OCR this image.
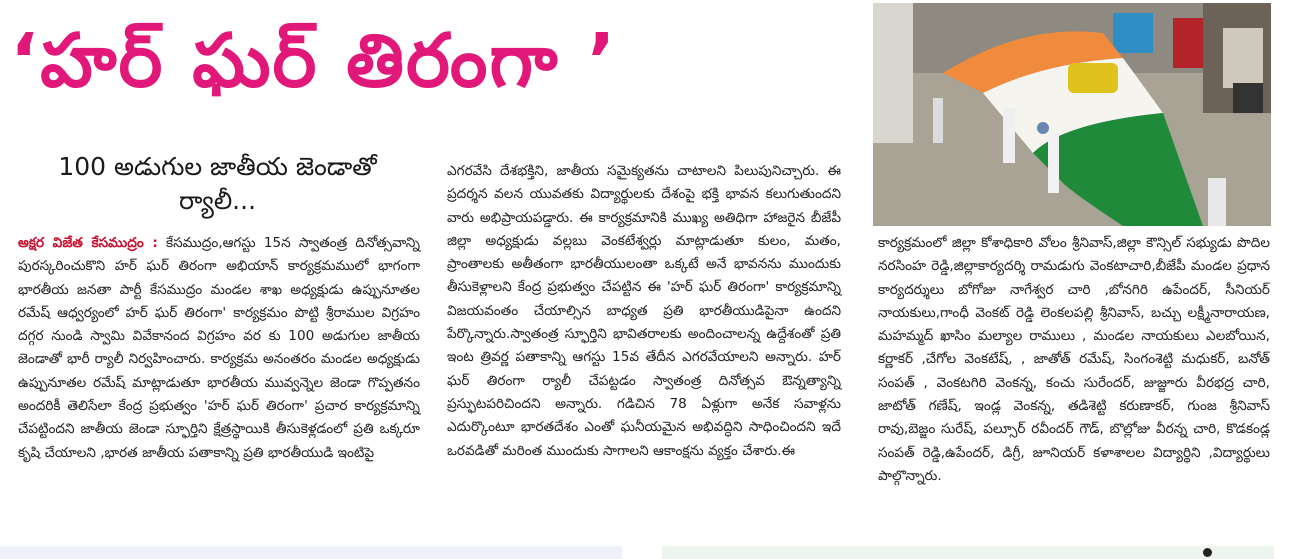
‘హర్ ఘర్ తిరంగా ’
100 అడుగుల జాతీయ జెండాతో ర్యాలీ...
అక్షర విజేత కేసముద్రం : కేసముద్రం,ఆగస్టు 15న స్వాతంత్ర దినోత్సవాన్ని పురస్కరించుకొని హర్ ఘర్ తిరంగా అభియాన్ కార్యక్రమములో భాగంగా భారతీయ జనతా పార్టీ కేసముద్రం మండల శాఖ అధ్యక్షుడు ఉప్పునూతల రమేష్ ఆధ్వర్యంలో హర్ ఘర్ తిరంగా' కార్యక్రమం పొట్టి శ్రీరాముల విగ్రహం దగ్గర నుండి స్వామి వివేకానంద విగ్రహం వర కు 100 అడుగుల జాతీయ జెండాతో భారీ ర్యాలీ నిర్వహించారు. కార్యక్రమ అనంతరం మండల అధ్యక్షుడు ఉప్పునూతల రమేష్ మాట్లాడుతూ భారతీయ మువ్వన్నెల జెండా గొప్పతనం అందరికీ తెలిసేలా కేంద్ర ప్రభుత్వం 'హర్ ఘర్ తిరంగా' ప్రచార కార్యక్రమాన్ని చేపట్టిందని జాతీయ జెండా స్ఫూర్తిని క్షేత్రస్థాయికి తీసుకెళ్లడంలో ప్రతి ఒక్కరూ కృషి చేయాలని ,భారత జాతీయ పతాకాన్ని ప్రతి భారతీయుడి ఇంటిపై
ఎగరవేసి దేశభక్తిని, జాతీయ సమైక్యతను చాటాలని పిలుపునిచ్చారు. ఈ ప్రదర్శన వలన యువతకు విద్యార్థులకు దేశంపై భక్తి భావన కలుగుతుందని వారు అభిప్రాయపడ్డారు. ఈ కార్యక్రమానికి ముఖ్య అతిధిగా హాజరైన బీజేపీ జిల్లా అధ్యక్షుడు వల్లబు వెంకటేశ్వర్లు మాట్లాడుతూ కులం, మతం, ప్రాంతాలకు అతీతంగా భారతీయులంతా ఒక్కటే అనే భావనను ముందుకు తీసుకెళ్లాలని కేంద్ర ప్రభుత్వం చేపట్టిన ఈ 'హర్ ఘర్ తిరంగా' కార్యక్రమాన్ని విజయవంతం చేయాల్సిన బాధ్యత ప్రతి భారతీయుడిపైనా ఉందని పేర్కొన్నారు.స్వాతంత్ర స్ఫూర్తిని భావితరాలకు అందించాలన్న ఉద్దేశంతో ప్రతి ఇంట త్రివర్ణ పతాకాన్ని ఆగస్టు 15వ తేదీన ఎగరవేయాలని అన్నారు. హర్ ఘర్ తిరంగా ర్యాలీ చేపట్టడం స్వాతంత్ర దినోత్సవ ఔన్నత్యాన్ని ప్రస్ఫుటపరిచిందని అన్నారు. గడిచిన 78 ఏళ్లుగా అనేక సవాళ్లను ఎదుర్కొంటూ భారతదేశం ఎంతో ఘనీయమైన అభివద్ధిని సాధించిందని ఇదే ఒరవడితో మరింత ముందుకు సాగాలని ఆకాంక్షను వ్యక్తం చేశారు.ఈ
కార్యక్రమంలో జిల్లా కోశాధికారి వోలం శ్రీనివాస్,జిల్లా కౌన్సిల్ సభ్యుడు పొదిల నరసింహ రెడ్డి,జిల్లాకార్యదర్శి రామడుగు వెంకటాచారి,బీజేపీ మండల ప్రధాన కార్యదర్శులు బోగోజు నాగేశ్వర చారి ,బోనగిరి ఉపేందర్, సీనియర్ నాయకులు,గాంధీ వెంకట్ రెడ్డి లెంకలపల్లి శ్రీనివాస్, బచ్చు లక్ష్మీనారాయణ, మహమ్మద్ ఖాసిం మల్యాల రాములు , మండల నాయకులు ఎలబోయిన, కర్ణాకర్ ,చేగోల వెంకటేష్, , జాతోత్ రమేష్, సింగంశెట్టి మధుకర్, బనోత్ సంపత్ , వెంకటగిరి వెంకన్న, కంచు సురేందర్, జుజ్జూరు వీరభద్ర చారి, జాటోత్ గణేష్, ఇండ్ల వెంకన్న, తడిశెట్టి కరుణాకర్, గుంజ శ్రీనివాస్ రావు,బెజ్జం సురేష్, పల్సూర్ రవీందర్ గౌడ్, బొల్లోజు వీరన్న చారి, కొడకండ్ల సంపత్ రెడ్డి,ఉపేందర్, డిగ్రీ, జూనియర్ కళాశాలల విద్యార్థిని ,విద్యార్థులు పాల్గొన్నారు.
